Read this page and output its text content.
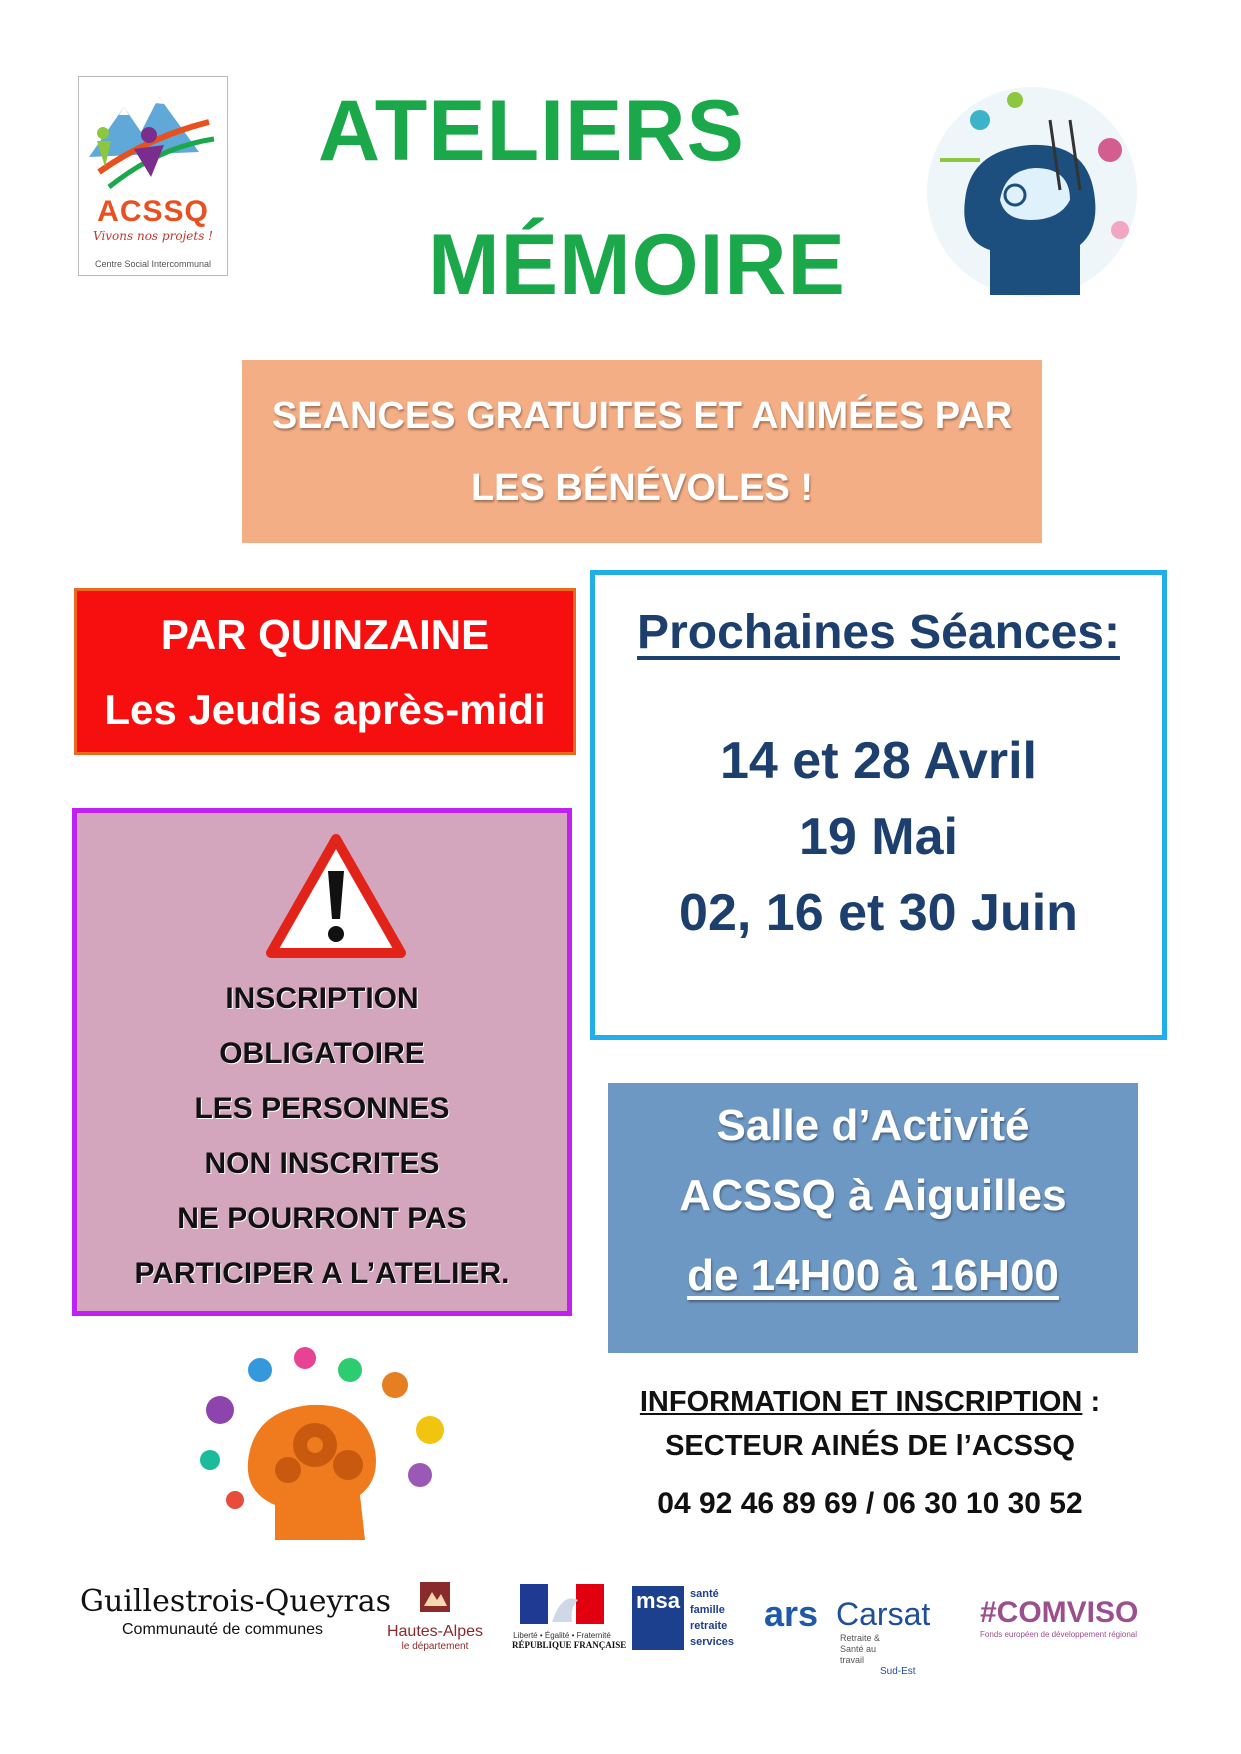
ACSSQ
Vivons nos projets !
Centre Social Intercommunal
ATELIERS
MÉMOIRE
SEANCES GRATUITES ET ANIMÉES PAR
LES BÉNÉVOLES !
PAR QUINZAINE
Les Jeudis après-midi
Prochaines Séances:
14 et 28 Avril
19 Mai
02, 16 et 30 Juin
INSCRIPTION
OBLIGATOIRE
LES PERSONNES
NON INSCRITES
NE POURRONT PAS
PARTICIPER A L’ATELIER.
Salle d’Activité
ACSSQ à Aiguilles
de 14H00 à 16H00
INFORMATION ET INSCRIPTION :
SECTEUR AINÉS DE l’ACSSQ
04 92 46 89 69 / 06 30 10 30 52
Guillestrois-Queyras
Communauté de communes	Hautes-Alpes
le département
Liberté • Égalité • Fraternité
RÉPUBLIQUE FRANÇAISE
msa santé
famille
retraite
services
ars CarsatRetraite & Santé au travail
Sud-Est
#COMVISO
Fonds européen de développement régional
